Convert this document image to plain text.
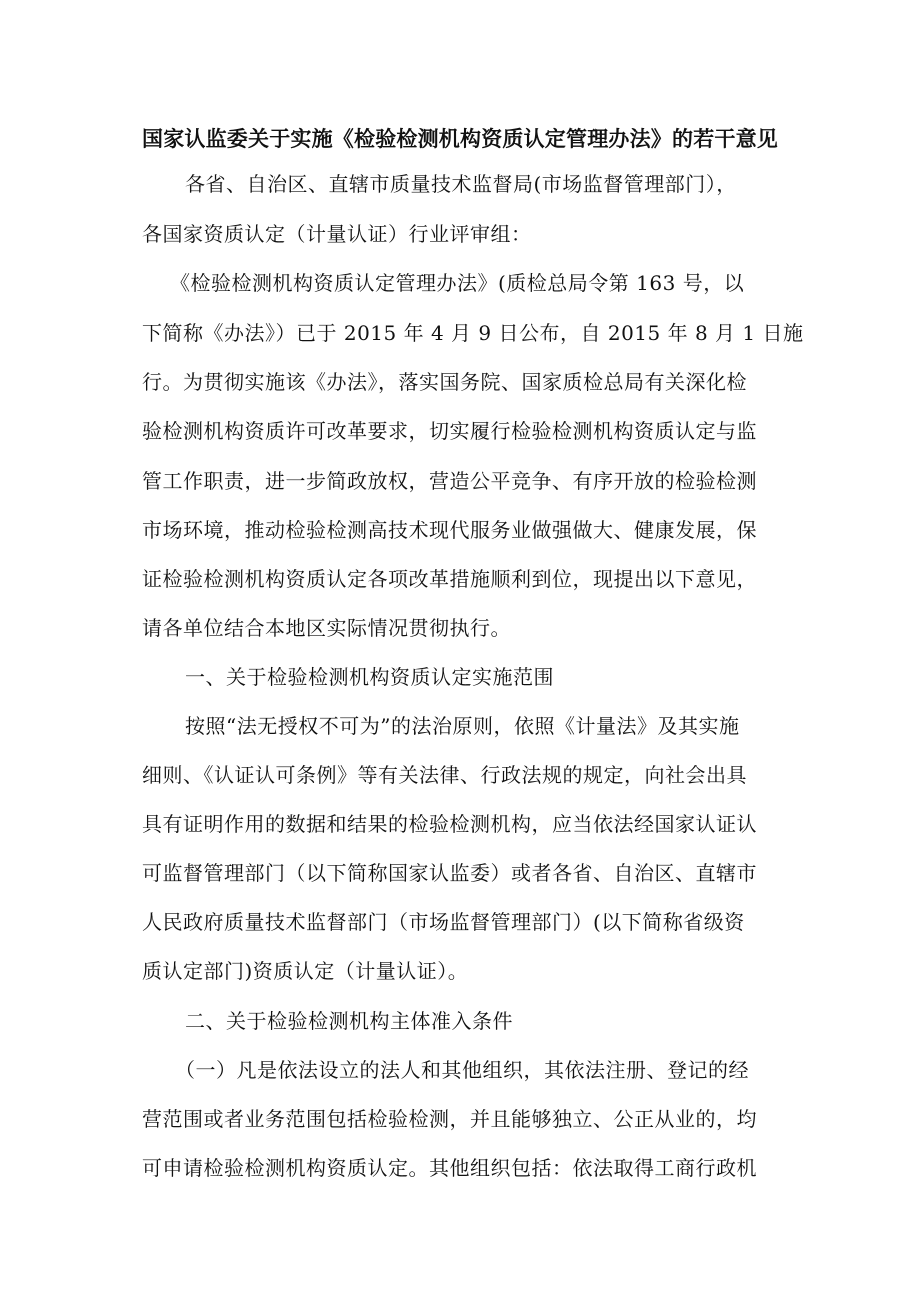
国家认监委关于实施《检验检测机构资质认定管理办法》的若干意见
各省、自治区、直辖市质量技术监督局(市场监督管理部门），
各国家资质认定（计量认证）行业评审组：
《检验检测机构资质认定管理办法》(质检总局令第 163 号，以
下简称《办法》）已于 2015 年 4 月 9 日公布，自 2015 年 8 月 1 日施
行。为贯彻实施该《办法》，落实国务院、国家质检总局有关深化检
验检测机构资质许可改革要求，切实履行检验检测机构资质认定与监
管工作职责，进一步简政放权，营造公平竞争、有序开放的检验检测
市场环境，推动检验检测高技术现代服务业做强做大、健康发展，保
证检验检测机构资质认定各项改革措施顺利到位，现提出以下意见，
请各单位结合本地区实际情况贯彻执行。
一、关于检验检测机构资质认定实施范围
按照“法无授权不可为”的法治原则，依照《计量法》及其实施
细则、《认证认可条例》等有关法律、行政法规的规定，向社会出具
具有证明作用的数据和结果的检验检测机构，应当依法经国家认证认
可监督管理部门（以下简称国家认监委）或者各省、自治区、直辖市
人民政府质量技术监督部门（市场监督管理部门）(以下简称省级资
质认定部门)资质认定（计量认证）。
二、关于检验检测机构主体准入条件
（一）凡是依法设立的法人和其他组织，其依法注册、登记的经
营范围或者业务范围包括检验检测，并且能够独立、公正从业的，均
可申请检验检测机构资质认定。其他组织包括：依法取得工商行政机
